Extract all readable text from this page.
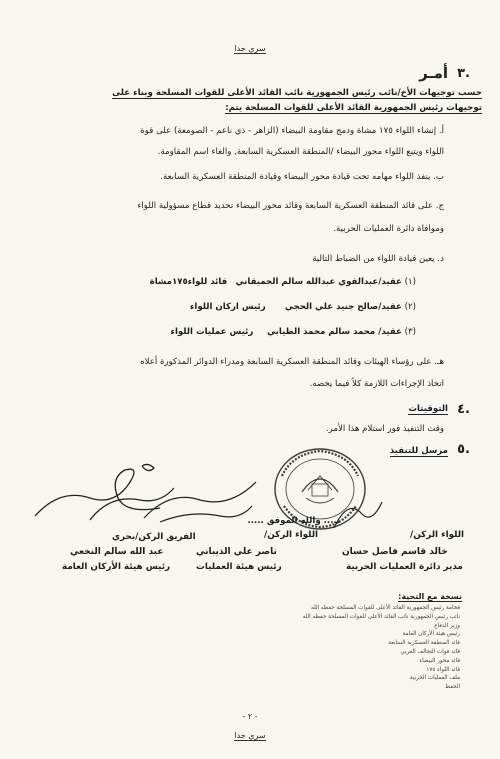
سري جدا
٣.
أمـر
حسب توجيهات الأخ/نائب رئيس الجمهورية نائب القائد الأعلى للقوات المسلحة وبناء على
توجيهات رئيس الجمهورية القائد الأعلى للقوات المسلحة يتم:
أ. إنشاء اللواء ١٧٥ مشاة ودمج مقاومة البيضاء (الزاهر - ذي ناعم - الصومعة) على قوة
اللواء ويتبع اللواء محور البيضاء /المنطقة العسكرية السابعة, والغاء اسم المقاومة.
ب. ينفذ اللواء مهامه تحت قيادة محور البيضاء وقيادة المنطقة العسكرية السابعة.
ج. على قائد المنطقة العسكرية السابعة وقائد محور البيضاء تحديد قطاع مسؤولية اللواء
وموافاة دائرة العمليات الحربية.
د. يعين قيادة اللواء من الضباط التالية
(١) عقيد/عبدالقوي عبدالله سالم الحميقاني   قائد للواء١٧٥مشاة
(٢) عقيد/صالح جنيد علي الحجي       رئيس اركان اللواء
(٣) عقيد/ محمد سالم محمد الطيابي     رئيس عمليات اللواء
هـ. على رؤساء الهيئات وقائد المنطقة العسكرية السابعة ومدراء الدوائر المذكورة أعلاه
اتخاذ الإجراءات اللازمة كلاً فيما يخصه.
٤.
التوقيتات
وقت التنفيذ فور استلام هذا الأمر.
٥.
مرسل للتنفيذ
..... والله الموفق .....
الفريق الركن/بحري	اللواء الركن/	اللواء الركن/
عبد الله سالم النخعي	ناصر علي الذيباني	خالد قاسم فاضل حسان
رئيس هيئة الأركان العامة	رئيس هيئة العمليات	مدير دائرة العمليات الحربية
نسخة مع التحية:
فخامة رئيس الجمهورية القائد الأعلى للقوات المسلحة حفظه الله
نائب رئيس الجمهورية نائب القائد الأعلى للقوات المسلحة حفظه الله
وزير الدفاع
رئيس هيئة الأركان العامة
قائد المنطقة العسكرية السابعة
قائد قوات التحالف العربي
قائد محور البيضاء
قائد اللواء ١٧٥
ملف العمليات الحربية
الحفظ
- ٢ -
سري جدا
